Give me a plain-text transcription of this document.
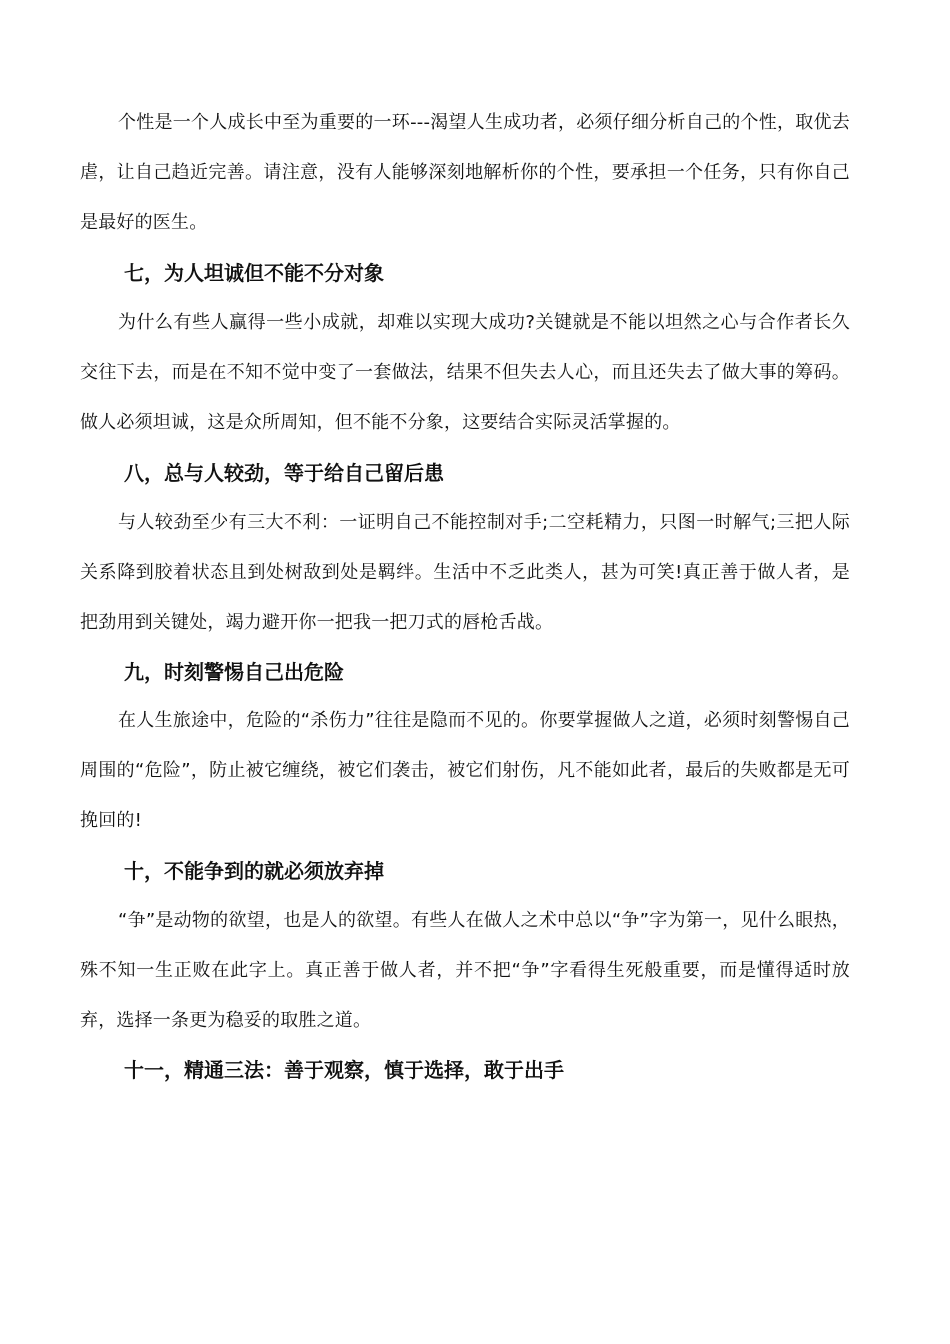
个性是一个人成长中至为重要的一环---渴望人生成功者，必须仔细分析自己的个性，取优去虐，让自己趋近完善。请注意，没有人能够深刻地解析你的个性，要承担一个任务，只有你自己是最好的医生。

七，为人坦诚但不能不分对象

为什么有些人赢得一些小成就，却难以实现大成功?关键就是不能以坦然之心与合作者长久交往下去，而是在不知不觉中变了一套做法，结果不但失去人心，而且还失去了做大事的筹码。做人必须坦诚，这是众所周知，但不能不分象，这要结合实际灵活掌握的。

八，总与人较劲，等于给自己留后患

与人较劲至少有三大不利：一证明自己不能控制对手;二空耗精力，只图一时解气;三把人际关系降到胶着状态且到处树敌到处是羁绊。生活中不乏此类人，甚为可笑!真正善于做人者，是把劲用到关键处，竭力避开你一把我一把刀式的唇枪舌战。

九，时刻警惕自己出危险

在人生旅途中，危险的“杀伤力”往往是隐而不见的。你要掌握做人之道，必须时刻警惕自己周围的“危险”，防止被它缠绕，被它们袭击，被它们射伤，凡不能如此者，最后的失败都是无可挽回的!

十，不能争到的就必须放弃掉

“争”是动物的欲望，也是人的欲望。有些人在做人之术中总以“争”字为第一，见什么眼热，殊不知一生正败在此字上。真正善于做人者，并不把“争”字看得生死般重要，而是懂得适时放弃，选择一条更为稳妥的取胜之道。

十一，精通三法：善于观察，慎于选择，敢于出手
